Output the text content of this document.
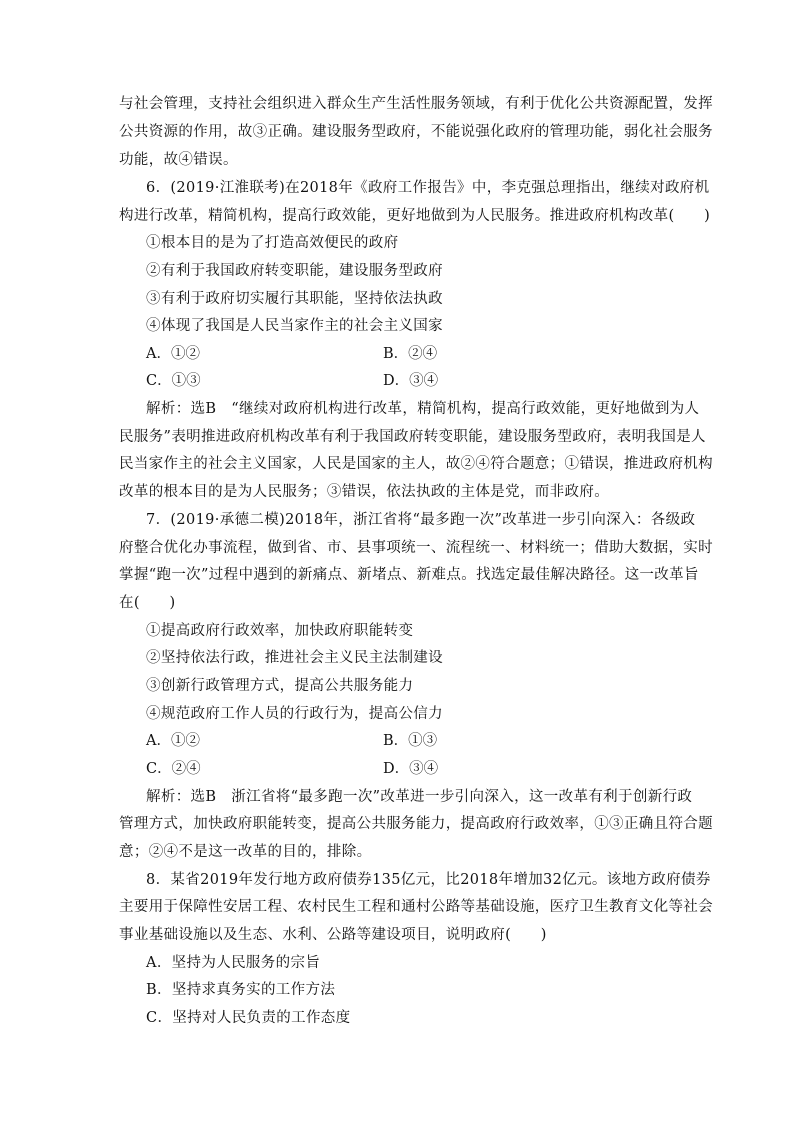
与社会管理，支持社会组织进入群众生产生活性服务领域，有利于优化公共资源配置，发挥
公共资源的作用，故③正确。建设服务型政府，不能说强化政府的管理功能，弱化社会服务
功能，故④错误。
6．(2019·江淮联考)在2018年《政府工作报告》中，李克强总理指出，继续对政府机
构进行改革，精简机构，提高行政效能，更好地做到为人民服务。推进政府机构改革(　　)
①根本目的是为了打造高效便民的政府
②有利于我国政府转变职能，建设服务型政府
③有利于政府切实履行其职能，坚持依法执政
④体现了我国是人民当家作主的社会主义国家
A．①②	B．②④
C．①③	D．③④
解析：选B　“继续对政府机构进行改革，精简机构，提高行政效能，更好地做到为人
民服务”表明推进政府机构改革有利于我国政府转变职能，建设服务型政府，表明我国是人
民当家作主的社会主义国家，人民是国家的主人，故②④符合题意；①错误，推进政府机构
改革的根本目的是为人民服务；③错误，依法执政的主体是党，而非政府。
7．(2019·承德二模)2018年，浙江省将“最多跑一次”改革进一步引向深入：各级政
府整合优化办事流程，做到省、市、县事项统一、流程统一、材料统一；借助大数据，实时
掌握“跑一次”过程中遇到的新痛点、新堵点、新难点。找选定最佳解决路径。这一改革旨
在(　　)
①提高政府行政效率，加快政府职能转变
②坚持依法行政，推进社会主义民主法制建设
③创新行政管理方式，提高公共服务能力
④规范政府工作人员的行政行为，提高公信力
A．①②	B．①③
C．②④	D．③④
解析：选B　浙江省将“最多跑一次”改革进一步引向深入，这一改革有利于创新行政
管理方式，加快政府职能转变，提高公共服务能力，提高政府行政效率，①③正确且符合题
意；②④不是这一改革的目的，排除。
8．某省2019年发行地方政府债券135亿元，比2018年增加32亿元。该地方政府债券
主要用于保障性安居工程、农村民生工程和通村公路等基础设施，医疗卫生教育文化等社会
事业基础设施以及生态、水利、公路等建设项目，说明政府(　　)
A．坚持为人民服务的宗旨
B．坚持求真务实的工作方法
C．坚持对人民负责的工作态度
